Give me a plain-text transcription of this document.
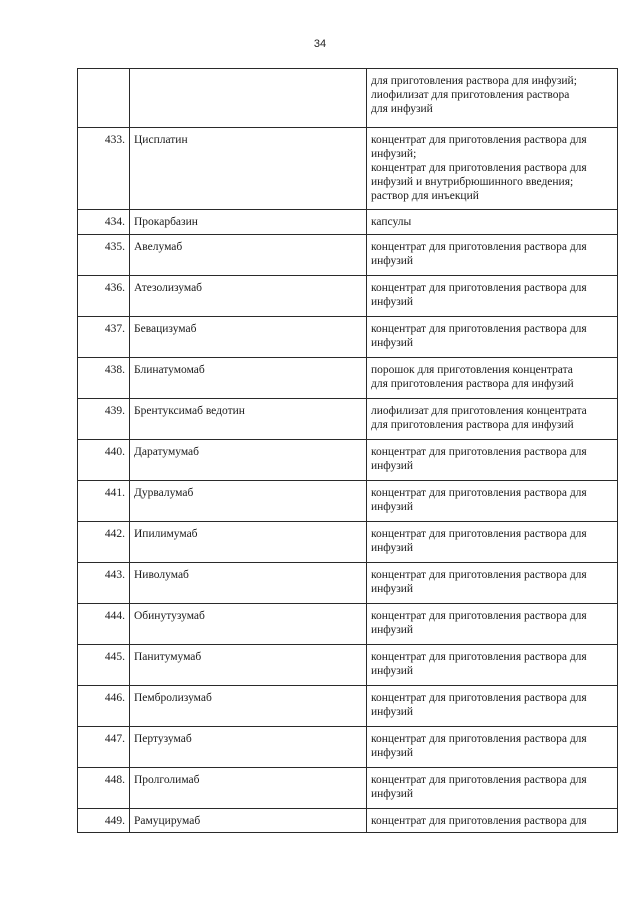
34

		для приготовления раствора для инфузий;
лиофилизат для приготовления раствора
для инфузий

433.	Цисплатин	концентрат для приготовления раствора для
инфузий;
концентрат для приготовления раствора для
инфузий и внутрибрюшинного введения;
раствор для инъекций

434.	Прокарбазин	капсулы

435.	Авелумаб	концентрат для приготовления раствора для
инфузий

436.	Атезолизумаб	концентрат для приготовления раствора для
инфузий

437.	Бевацизумаб	концентрат для приготовления раствора для
инфузий

438.	Блинатумомаб	порошок для приготовления концентрата
для приготовления раствора для инфузий

439.	Брентуксимаб ведотин	лиофилизат для приготовления концентрата
для приготовления раствора для инфузий

440.	Даратумумаб	концентрат для приготовления раствора для
инфузий

441.	Дурвалумаб	концентрат для приготовления раствора для
инфузий

442.	Ипилимумаб	концентрат для приготовления раствора для
инфузий

443.	Ниволумаб	концентрат для приготовления раствора для
инфузий

444.	Обинутузумаб	концентрат для приготовления раствора для
инфузий

445.	Панитумумаб	концентрат для приготовления раствора для
инфузий

446.	Пембролизумаб	концентрат для приготовления раствора для
инфузий

447.	Пертузумаб	концентрат для приготовления раствора для
инфузий

448.	Пролголимаб	концентрат для приготовления раствора для
инфузий

449.	Рамуцирумаб	концентрат для приготовления раствора для
